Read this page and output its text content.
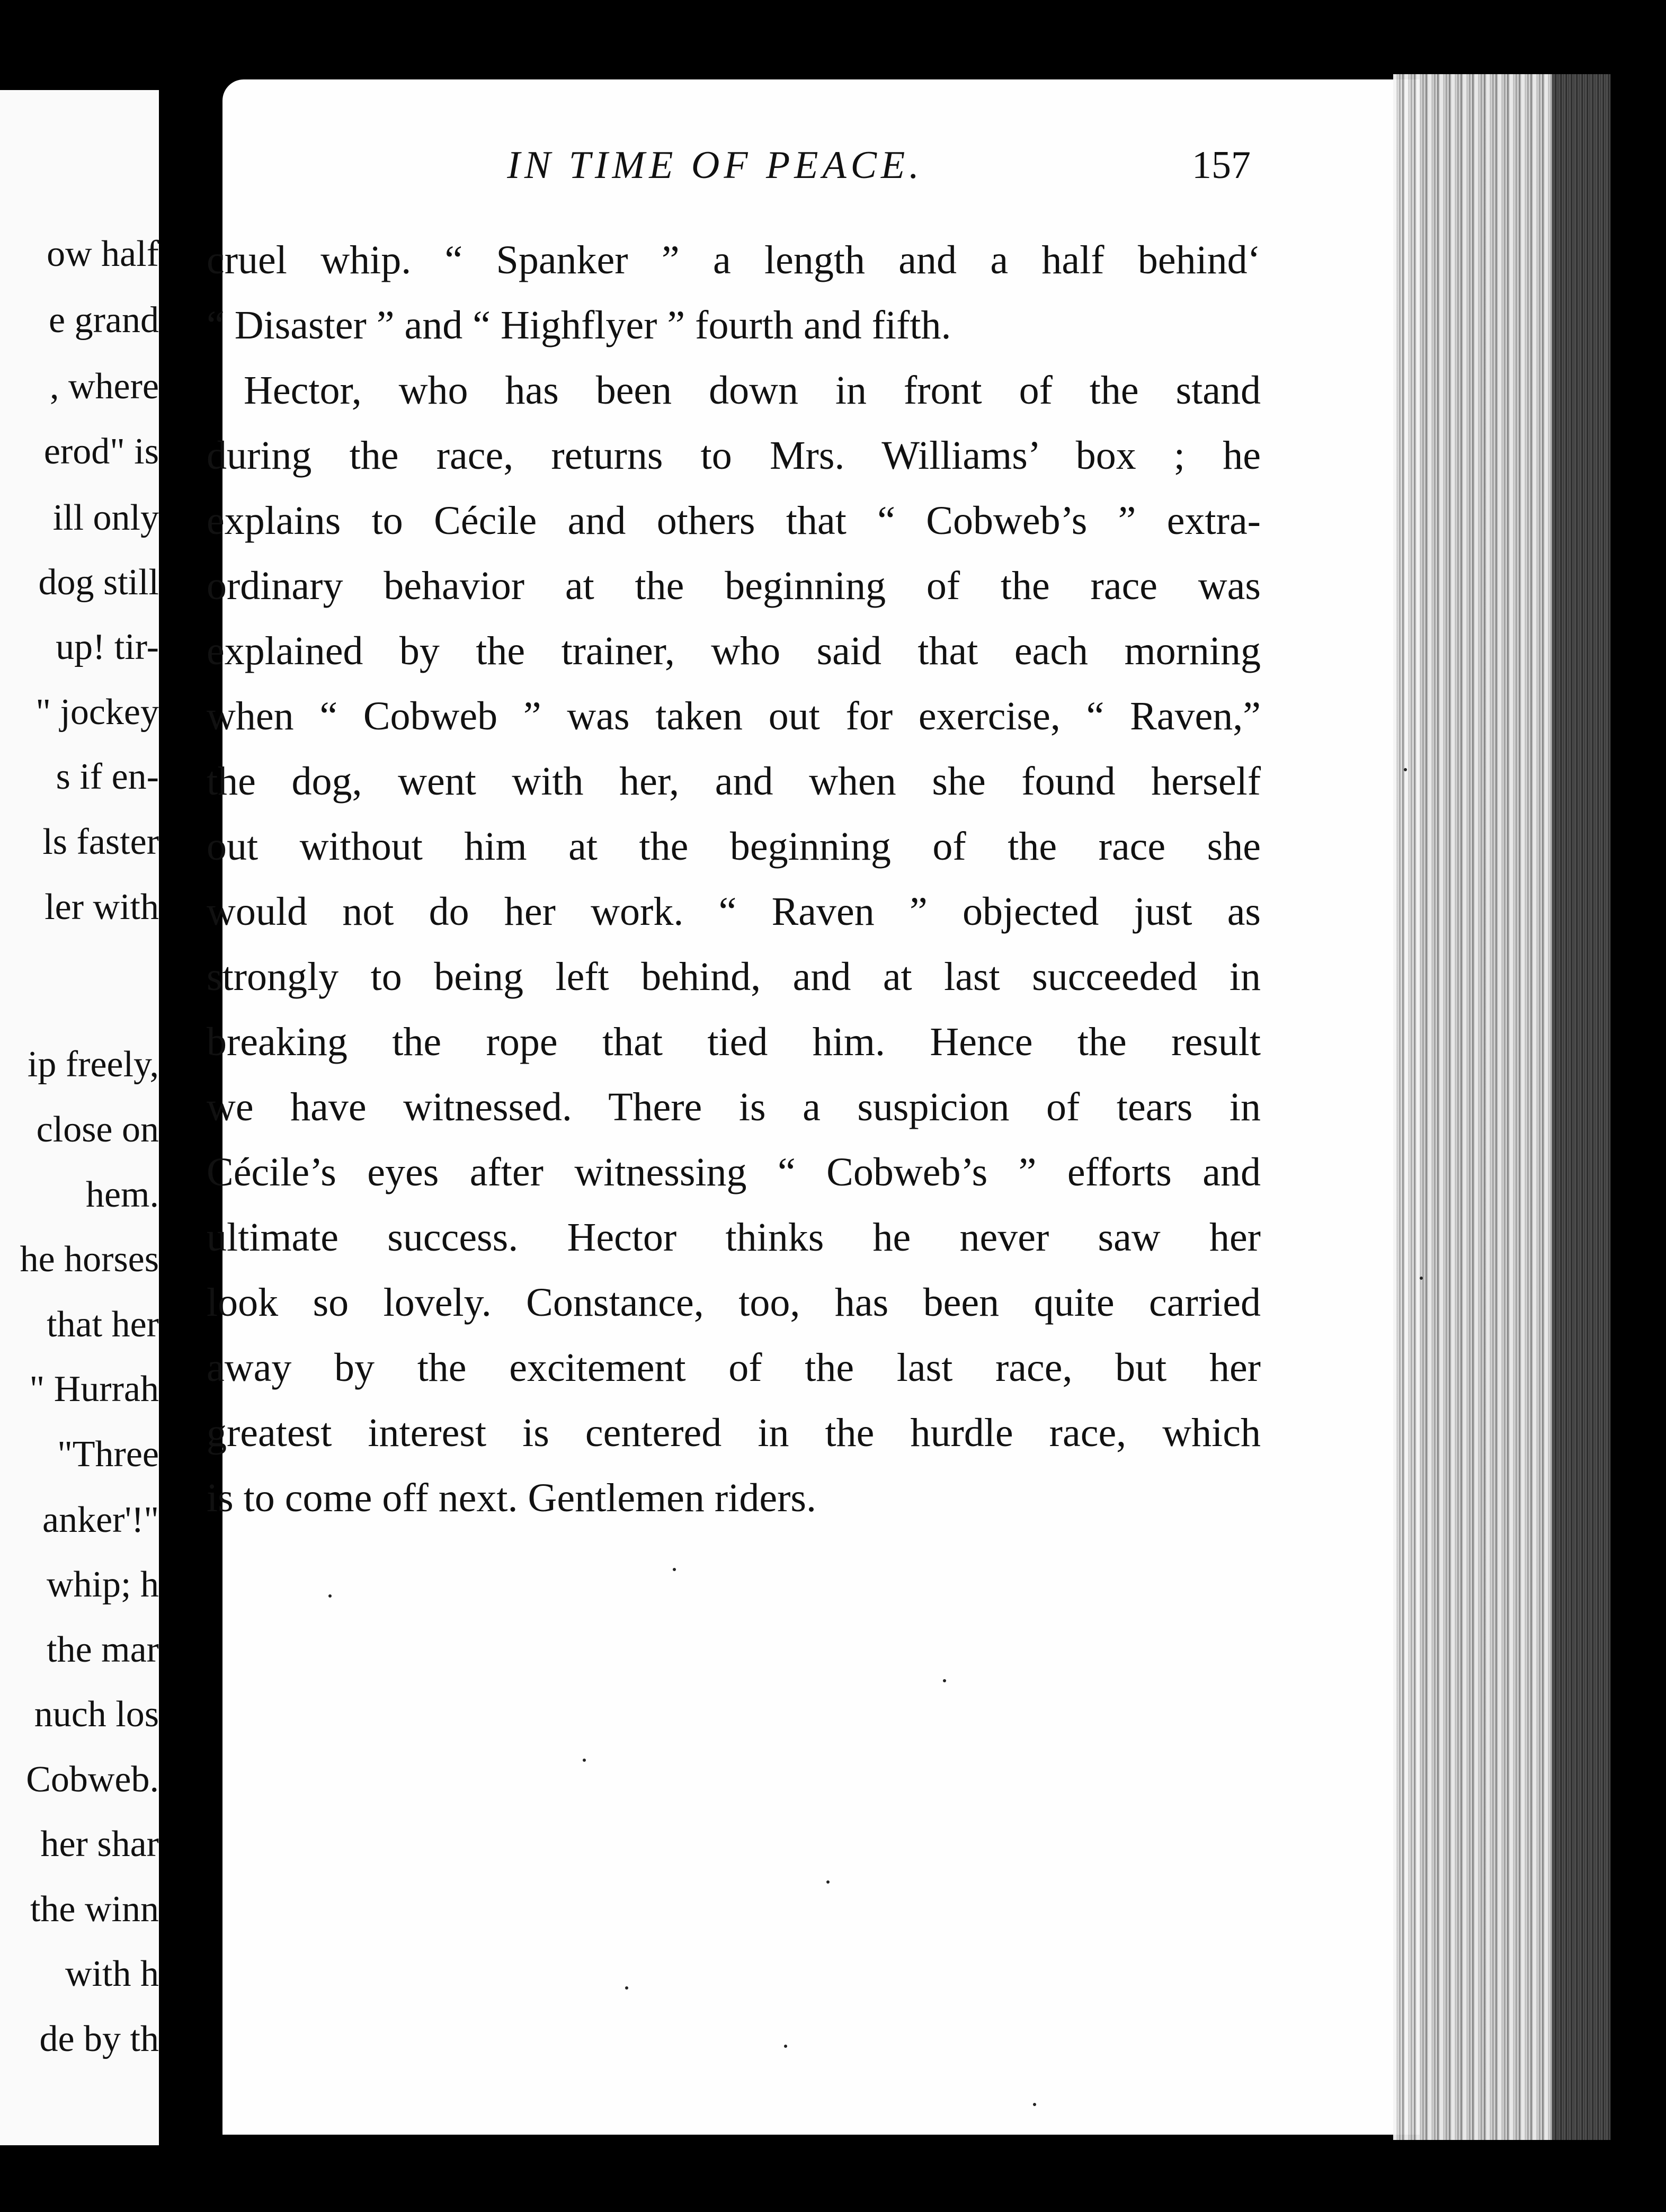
ow half
e grand
, where
erod" is
ill only
dog still
up! tir-
" jockey
s if en-
ls faster
ler with
ip freely,
close on
hem.
he horses
that her
" Hurrah
"Three
anker'!"
whip; h
the mar
nuch los
Cobweb.
her shar
the winn
with h
de by th
IN TIME OF PEACE.	157
cruel whip. “ Spanker ” a length and a half behind‘
“ Disaster ” and “ Highflyer ” fourth and fifth.
Hector, who has been down in front of the stand
during the race, returns to Mrs. Williams’ box ; he
explains to Cécile and others that “ Cobweb’s ” extra-
ordinary behavior at the beginning of the race was
explained by the trainer, who said that each morning
when “ Cobweb ” was taken out for exercise, “ Raven,”
the dog, went with her, and when she found herself
out without him at the beginning of the race she
would not do her work. “ Raven ” objected just as
strongly to being left behind, and at last succeeded in
breaking the rope that tied him. Hence the result
we have witnessed. There is a suspicion of tears in
Cécile’s eyes after witnessing “ Cobweb’s ” efforts and
ultimate success. Hector thinks he never saw her
look so lovely. Constance, too, has been quite carried
away by the excitement of the last race, but her
greatest interest is centered in the hurdle race, which
is to come off next. Gentlemen riders.
